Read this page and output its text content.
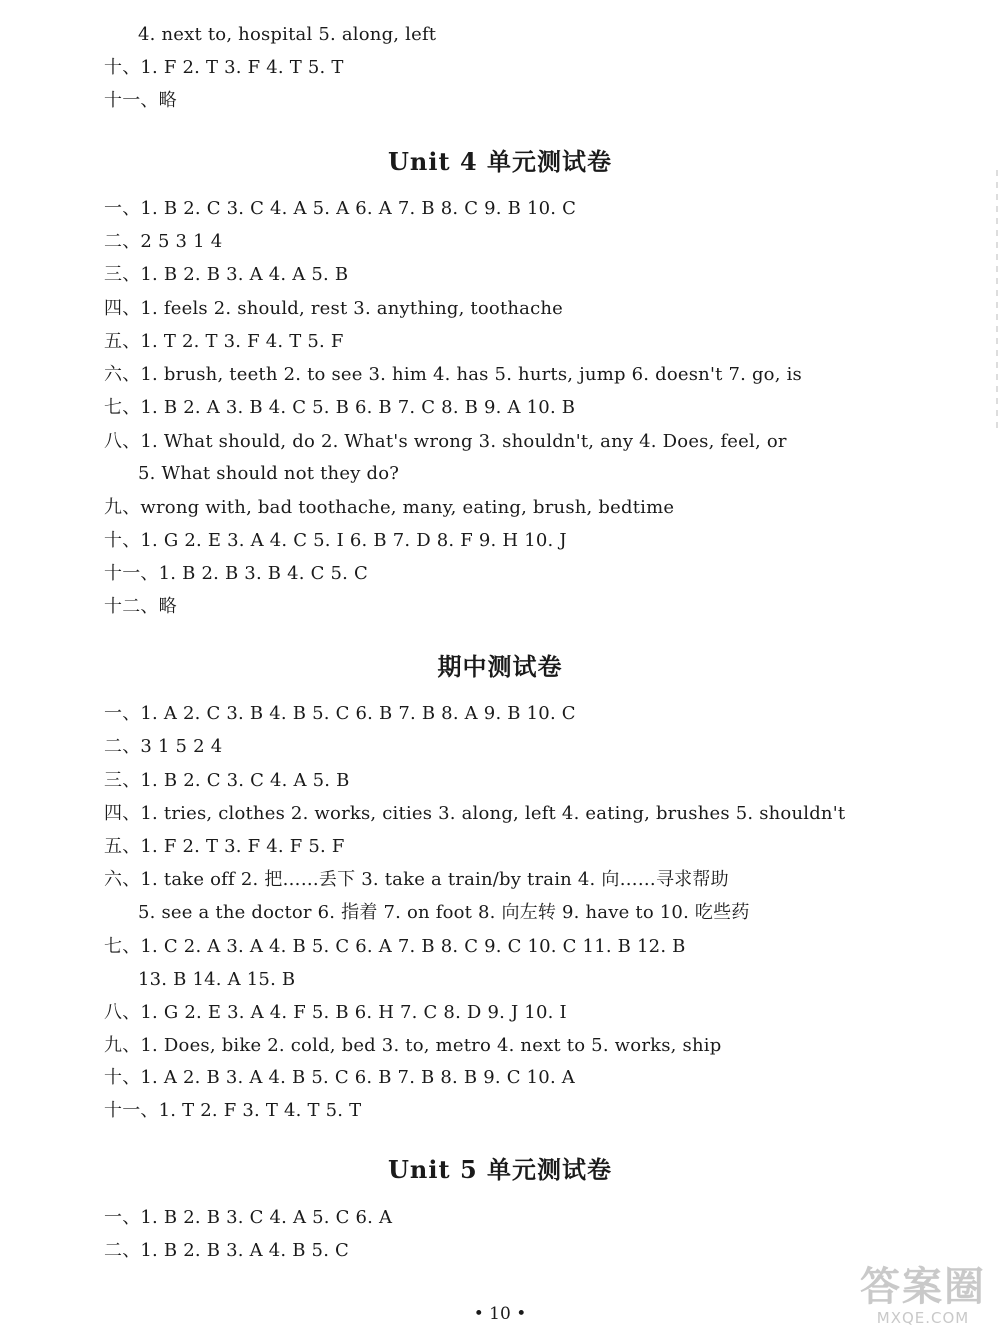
4. next to, hospital 5. along, left
十、1. F 2. T 3. F 4. T 5. T
十一、略
一、1. B 2. C 3. C 4. A 5. A 6. A 7. B 8. C 9. B 10. C
二、2 5 3 1 4
三、1. B 2. B 3. A 4. A 5. B
四、1. feels 2. should, rest 3. anything, toothache
五、1. T 2. T 3. F 4. T 5. F
六、1. brush, teeth 2. to see 3. him 4. has 5. hurts, jump 6. doesn't 7. go, is
七、1. B 2. A 3. B 4. C 5. B 6. B 7. C 8. B 9. A 10. B
八、1. What should, do 2. What's wrong 3. shouldn't, any 4. Does, feel, or
5. What should not they do?
九、wrong with, bad toothache, many, eating, brush, bedtime
十、1. G 2. E 3. A 4. C 5. I 6. B 7. D 8. F 9. H 10. J
十一、1. B 2. B 3. B 4. C 5. C
十二、略
一、1. A 2. C 3. B 4. B 5. C 6. B 7. B 8. A 9. B 10. C
二、3 1 5 2 4
三、1. B 2. C 3. C 4. A 5. B
四、1. tries, clothes 2. works, cities 3. along, left 4. eating, brushes 5. shouldn't
五、1. F 2. T 3. F 4. F 5. F
六、1. take off 2. 把……丢下 3. take a train/by train 4. 向……寻求帮助
5. see a the doctor 6. 指着 7. on foot 8. 向左转 9. have to 10. 吃些药
七、1. C 2. A 3. A 4. B 5. C 6. A 7. B 8. C 9. C 10. C 11. B 12. B
13. B 14. A 15. B
八、1. G 2. E 3. A 4. F 5. B 6. H 7. C 8. D 9. J 10. I
九、1. Does, bike 2. cold, bed 3. to, metro 4. next to 5. works, ship
十、1. A 2. B 3. A 4. B 5. C 6. B 7. B 8. B 9. C 10. A
十一、1. T 2. F 3. T 4. T 5. T
一、1. B 2. B 3. C 4. A 5. C 6. A
二、1. B 2. B 3. A 4. B 5. C
Unit 4 单元测试卷
期中测试卷
Unit 5 单元测试卷
• 10 •
答案圈
MXQE.COM
